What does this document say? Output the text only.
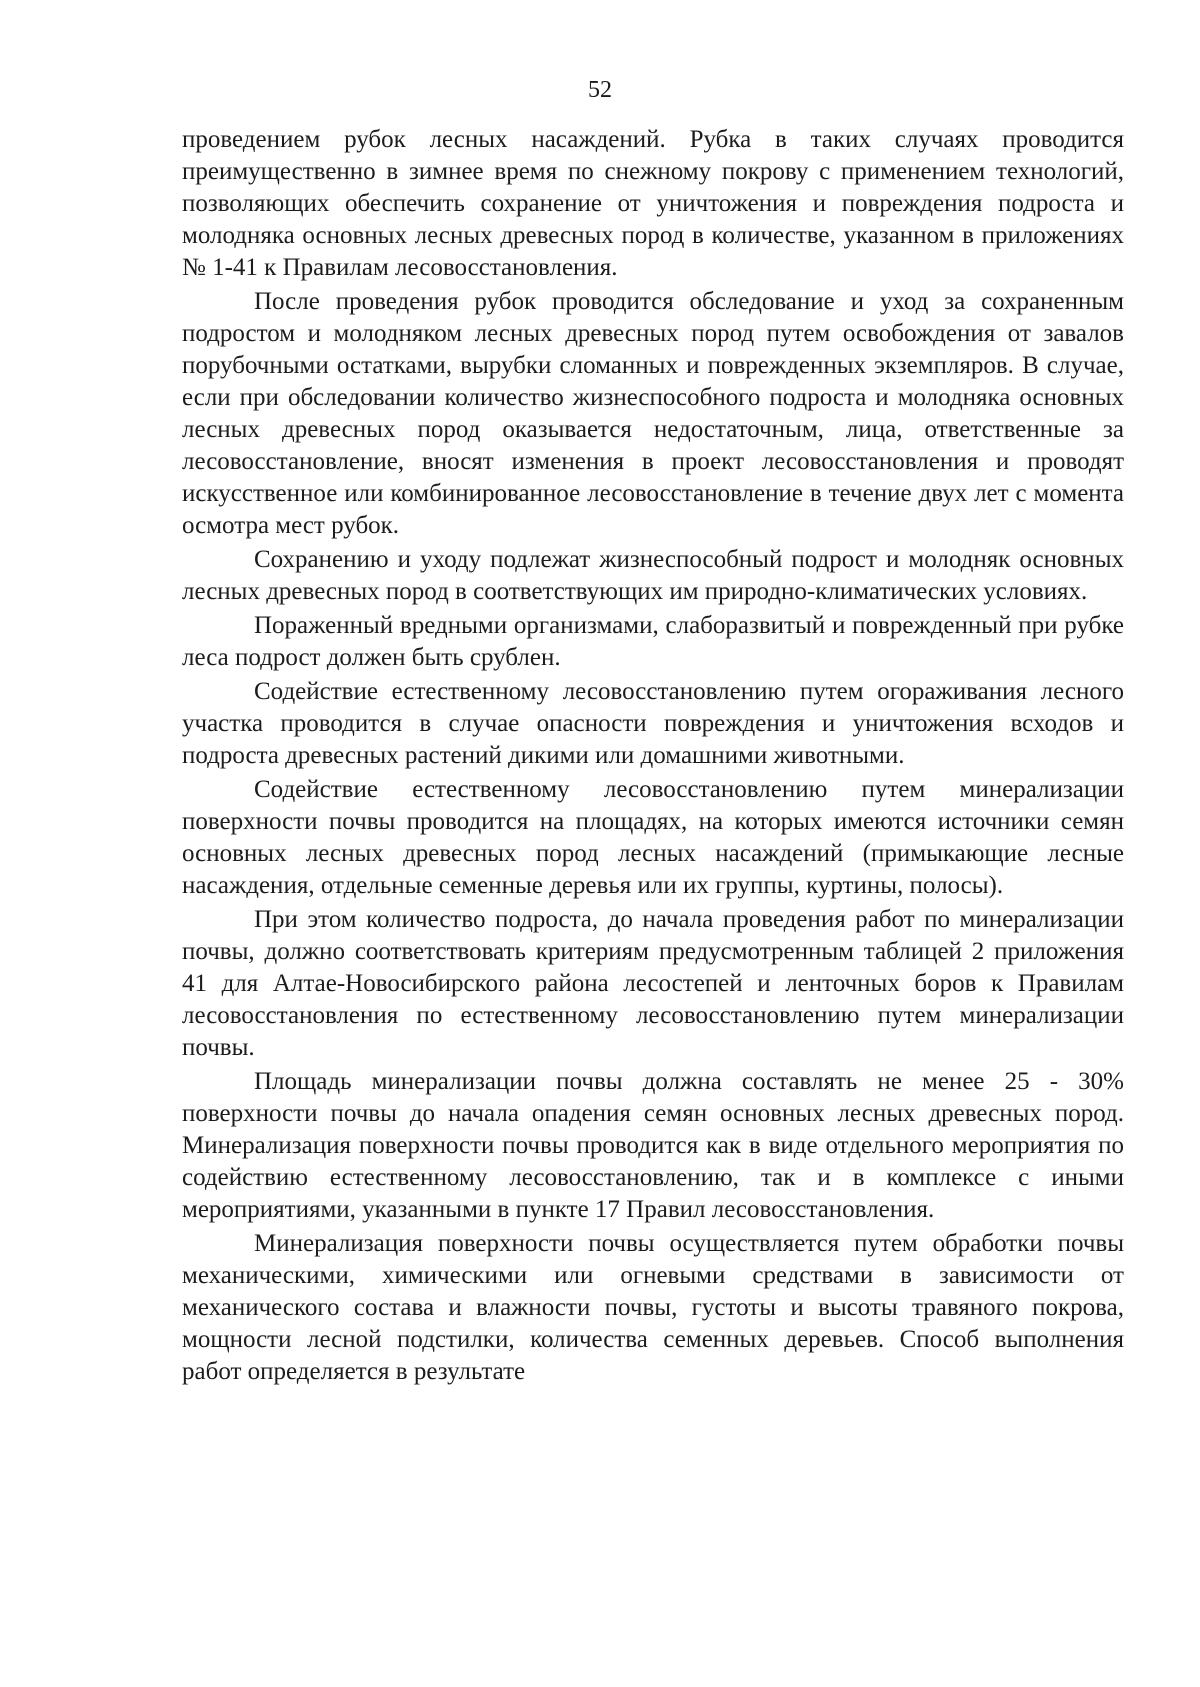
52

проведением рубок лесных насаждений. Рубка в таких случаях проводится преимущественно в зимнее время по снежному покрову с применением технологий, позволяющих обеспечить сохранение от уничтожения и повреждения подроста и молодняка основных лесных древесных пород в количестве, указанном в приложениях № 1-41 к Правилам лесовосстановления.

После проведения рубок проводится обследование и уход за сохраненным подростом и молодняком лесных древесных пород путем освобождения от завалов порубочными остатками, вырубки сломанных и поврежденных экземпляров. В случае, если при обследовании количество жизнеспособного подроста и молодняка основных лесных древесных пород оказывается недостаточным, лица, ответственные за лесовосстановление, вносят изменения в проект лесовосстановления и проводят искусственное или комбинированное лесовосстановление в течение двух лет с момента осмотра мест рубок.

Сохранению и уходу подлежат жизнеспособный подрост и молодняк основных лесных древесных пород в соответствующих им природно-климатических условиях.

Пораженный вредными организмами, слаборазвитый и поврежденный при рубке леса подрост должен быть срублен.

Содействие естественному лесовосстановлению путем огораживания лесного участка проводится в случае опасности повреждения и уничтожения всходов и подроста древесных растений дикими или домашними животными.

Содействие естественному лесовосстановлению путем минерализации поверхности почвы проводится на площадях, на которых имеются источники семян основных лесных древесных пород лесных насаждений (примыкающие лесные насаждения, отдельные семенные деревья или их группы, куртины, полосы).

При этом количество подроста, до начала проведения работ по минерализации почвы, должно соответствовать критериям предусмотренным таблицей 2 приложения 41 для Алтае-Новосибирского района лесостепей и ленточных боров к Правилам лесовосстановления по естественному лесовосстановлению путем минерализации почвы.

Площадь минерализации почвы должна составлять не менее 25 - 30% поверхности почвы до начала опадения семян основных лесных древесных пород. Минерализация поверхности почвы проводится как в виде отдельного мероприятия по содействию естественному лесовосстановлению, так и в комплексе с иными мероприятиями, указанными в пункте 17 Правил лесовосстановления.

Минерализация поверхности почвы осуществляется путем обработки почвы механическими, химическими или огневыми средствами в зависимости от механического состава и влажности почвы, густоты и высоты травяного покрова, мощности лесной подстилки, количества семенных деревьев. Способ выполнения работ определяется в результате
